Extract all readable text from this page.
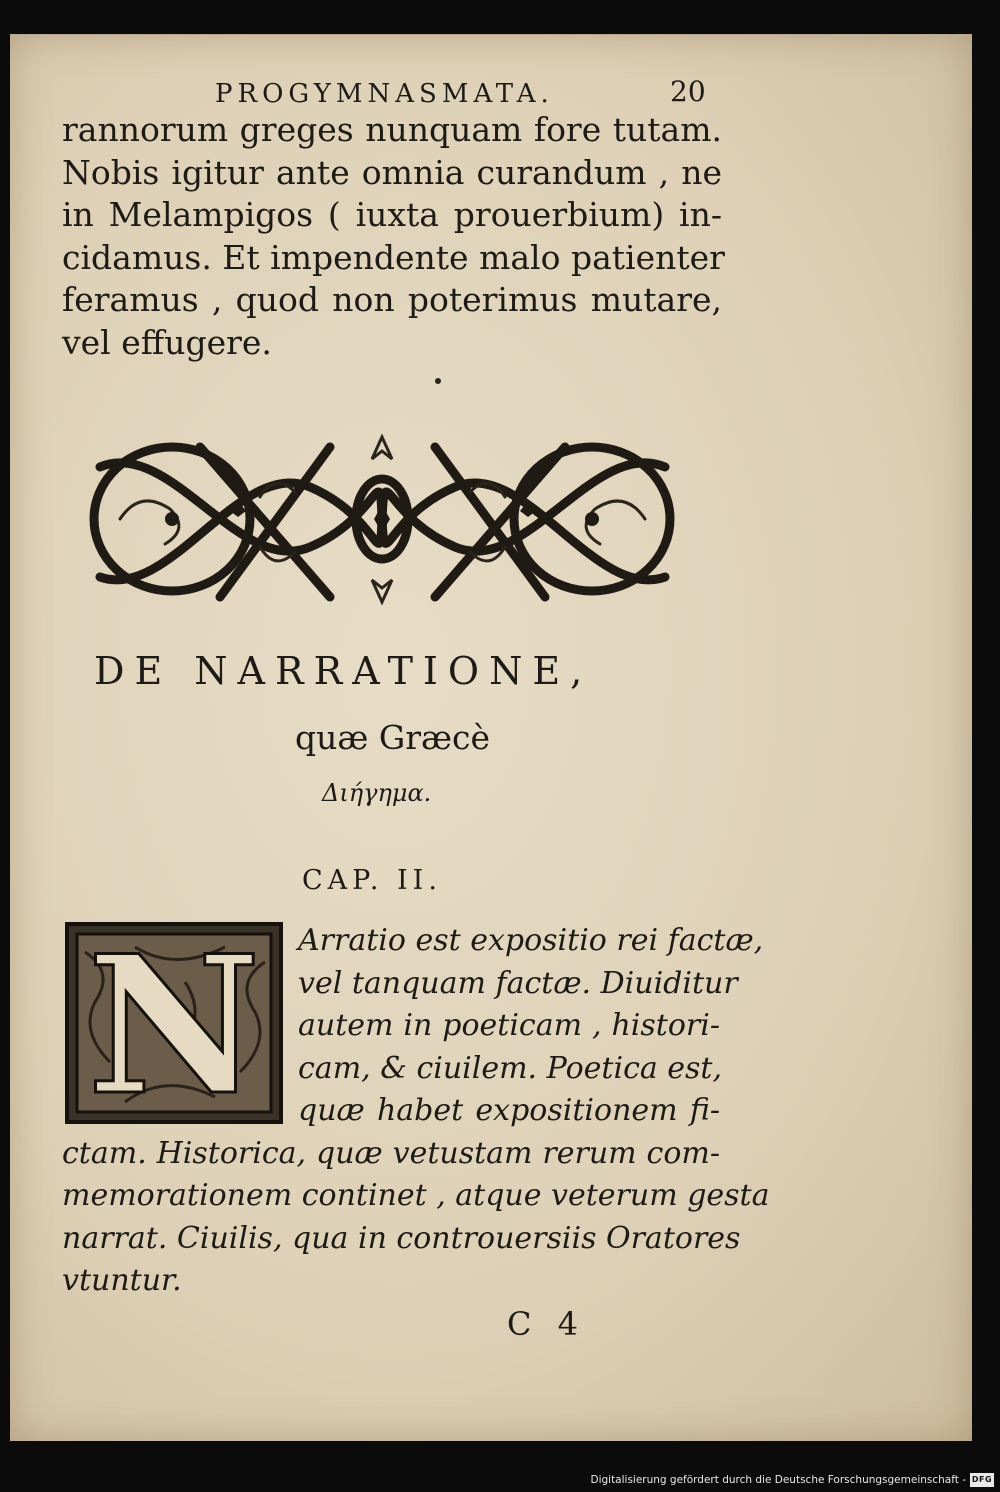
PROGYMNASMATA.	20
rannorum greges nunquam fore tutam.
Nobis igitur ante omnia curandum , ne
in Melampigos ( iuxta prouerbium) in-
cidamus. Et impendente malo patienter
feramus , quod non poterimus mutare,
vel effugere.
DE NARRATIONE,
quæ Græcè
Διήγημα.
CAP. II.
N Arratio est expositio rei factæ,
vel tanquam factæ. Diuiditur
autem in poeticam , histori-
cam, & ciuilem. Poetica est,
quæ habet expositionem fi-
ctam. Historica, quæ vetustam rerum com-
memorationem continet , atque veterum gesta
narrat. Ciuilis, qua in controuersiis Oratores
vtuntur.
C 4
Digitalisierung gefördert durch die Deutsche Forschungsgemeinschaft - DFG
